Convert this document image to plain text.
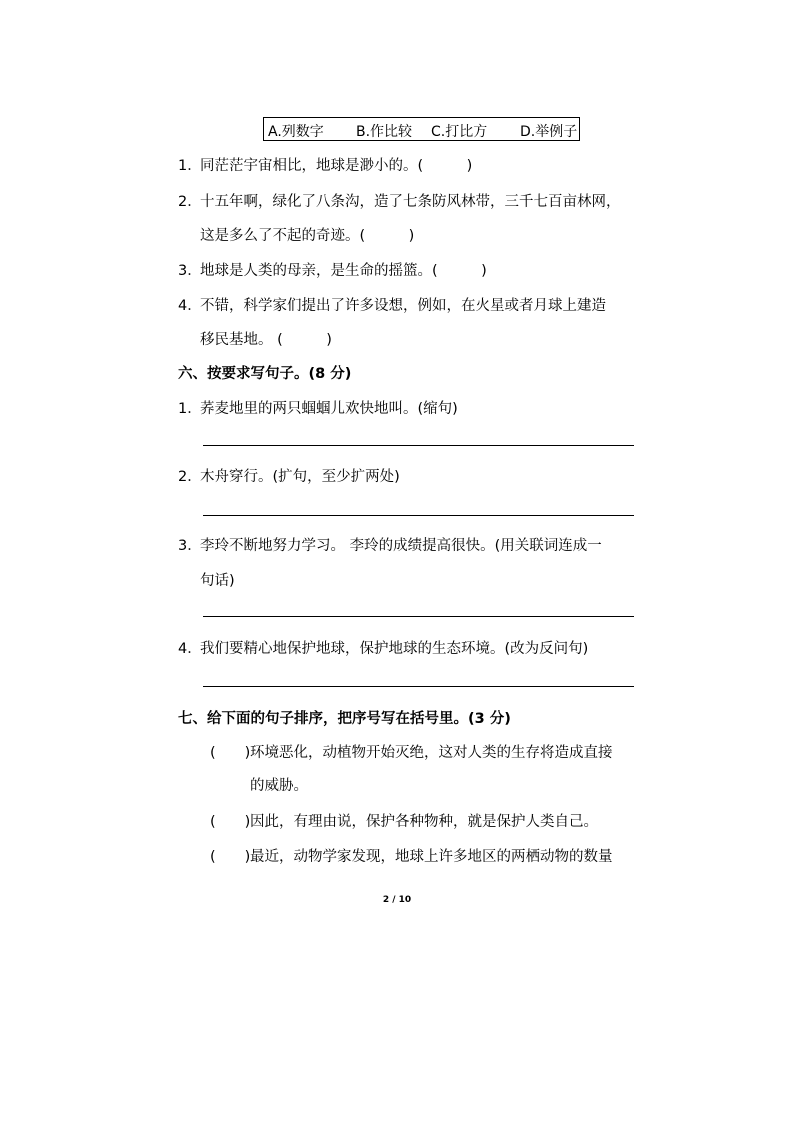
A.列数字 B.作比较 C.打比方 D.举例子
1．同茫茫宇宙相比，地球是渺小的。(　　　)
2．十五年啊，绿化了八条沟，造了七条防风林带，三千七百亩林网，
这是多么了不起的奇迹。(　　　)
3．地球是人类的母亲，是生命的摇篮。(　　　)
4．不错，科学家们提出了许多设想，例如，在火星或者月球上建造
移民基地。 (　　　)
六、按要求写句子。(8 分)
1．荞麦地里的两只蝈蝈儿欢快地叫。(缩句)
2．木舟穿行。(扩句，至少扩两处)
3．李玲不断地努力学习。 李玲的成绩提高很快。(用关联词连成一
句话)
4．我们要精心地保护地球，保护地球的生态环境。(改为反问句)
七、给下面的句子排序，把序号写在括号里。(3 分)
(　　)环境恶化，动植物开始灭绝，这对人类的生存将造成直接
的威胁。
(　　)因此，有理由说，保护各种物种，就是保护人类自己。
(　　)最近，动物学家发现，地球上许多地区的两栖动物的数量
2 / 10
